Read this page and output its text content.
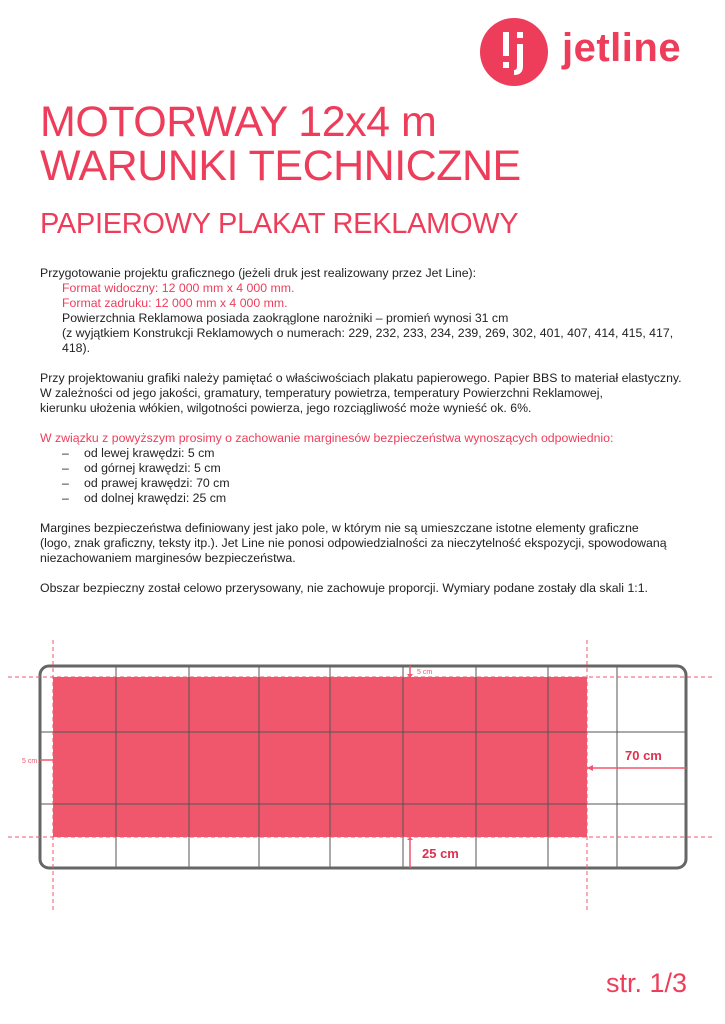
jetline
MOTORWAY 12x4 m
WARUNKI TECHNICZNE
PAPIEROWY PLAKAT REKLAMOWY

Przygotowanie projektu graficznego (jeżeli druk jest realizowany przez Jet Line):

Format widoczny: 12 000 mm x 4 000 mm.

Format zadruku: 12 000 mm x 4 000 mm.

Powierzchnia Reklamowa posiada zaokrąglone narożniki – promień wynosi 31 cm

(z wyjątkiem Konstrukcji Reklamowych o numerach: 229, 232, 233, 234, 239, 269, 302, 401, 407, 414, 415, 417,

418).

Przy projektowaniu grafiki należy pamiętać o właściwościach plakatu papierowego. Papier BBS to materiał elastyczny.

W zależności od jego jakości, gramatury, temperatury powietrza, temperatury Powierzchni Reklamowej,

kierunku ułożenia włókien, wilgotności powierza, jego rozciągliwość może wynieść ok. 6%.

W związku z powyższym prosimy o zachowanie marginesów bezpieczeństwa wynoszących odpowiednio:

– od lewej krawędzi: 5 cm
– od górnej krawędzi: 5 cm
– od prawej krawędzi: 70 cm
– od dolnej krawędzi: 25 cm

Margines bezpieczeństwa definiowany jest jako pole, w którym nie są umieszczane istotne elementy graficzne

(logo, znak graficzny, teksty itp.). Jet Line nie ponosi odpowiedzialności za nieczytelność ekspozycji, spowodowaną

niezachowaniem marginesów bezpieczeństwa.

Obszar bezpieczny został celowo przerysowany, nie zachowuje proporcji. Wymiary podane zostały dla skali 1:1.

5 cm
5 cm	70 cm
25 cm
str. 1/3
